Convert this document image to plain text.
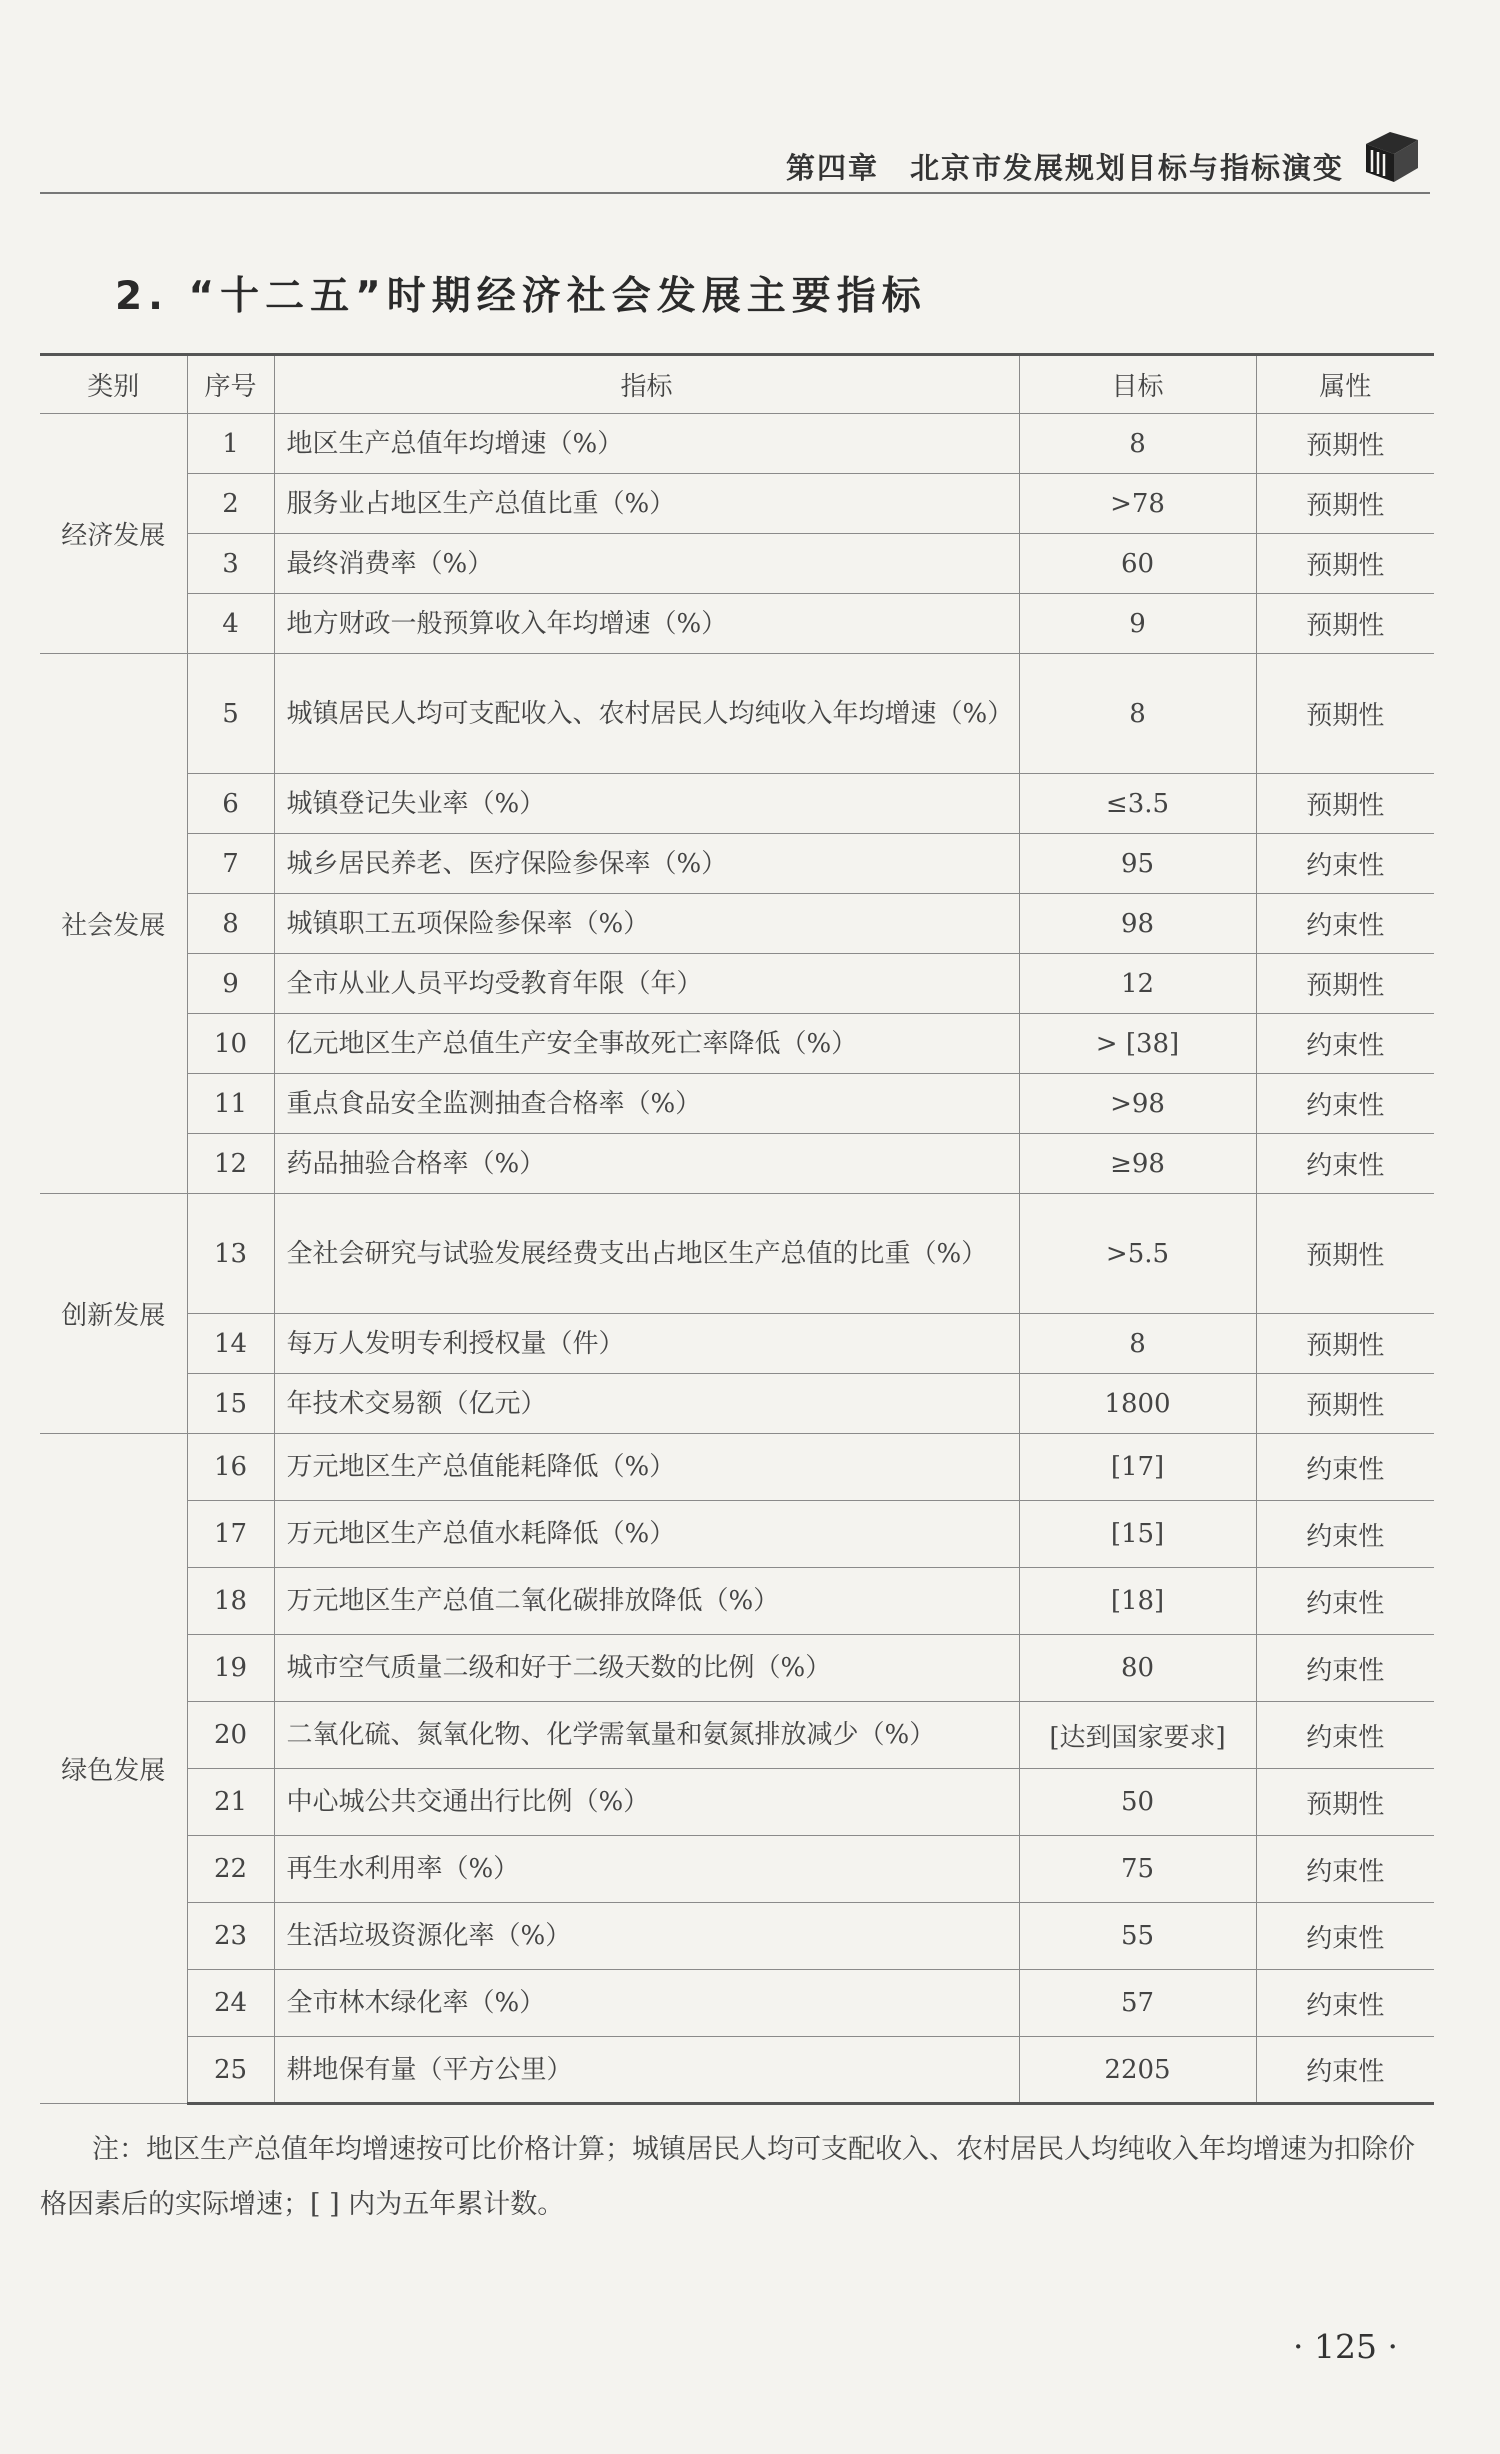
第四章　北京市发展规划目标与指标演变
2. “十二五”时期经济社会发展主要指标
类别	序号	指标	目标	属性
经济发展	1	地区生产总值年均增速（%）	8	预期性
	2	服务业占地区生产总值比重（%）	>78	预期性
	3	最终消费率（%）	60	预期性
	4	地方财政一般预算收入年均增速（%）	9	预期性
社会发展	5	城镇居民人均可支配收入、农村居民人均纯收入年均增速（%）	8	预期性
	6	城镇登记失业率（%）	≤3.5	预期性
	7	城乡居民养老、医疗保险参保率（%）	95	约束性
	8	城镇职工五项保险参保率（%）	98	约束性
	9	全市从业人员平均受教育年限（年）	12	预期性
	10	亿元地区生产总值生产安全事故死亡率降低（%）	> [38]	约束性
	11	重点食品安全监测抽查合格率（%）	>98	约束性
	12	药品抽验合格率（%）	≥98	约束性
创新发展	13	全社会研究与试验发展经费支出占地区生产总值的比重（%）	>5.5	预期性
	14	每万人发明专利授权量（件）	8	预期性
	15	年技术交易额（亿元）	1800	预期性
绿色发展	16	万元地区生产总值能耗降低（%）	[17]	约束性
	17	万元地区生产总值水耗降低（%）	[15]	约束性
	18	万元地区生产总值二氧化碳排放降低（%）	[18]	约束性
	19	城市空气质量二级和好于二级天数的比例（%）	80	约束性
	20	二氧化硫、氮氧化物、化学需氧量和氨氮排放减少（%）	[达到国家要求]	约束性
	21	中心城公共交通出行比例（%）	50	预期性
	22	再生水利用率（%）	75	约束性
	23	生活垃圾资源化率（%）	55	约束性
	24	全市林木绿化率（%）	57	约束性
	25	耕地保有量（平方公里）	2205	约束性
注：地区生产总值年均增速按可比价格计算；城镇居民人均可支配收入、农村居民人均纯收入年均增速为扣除价格因素后的实际增速；[ ] 内为五年累计数。
· 125 ·
